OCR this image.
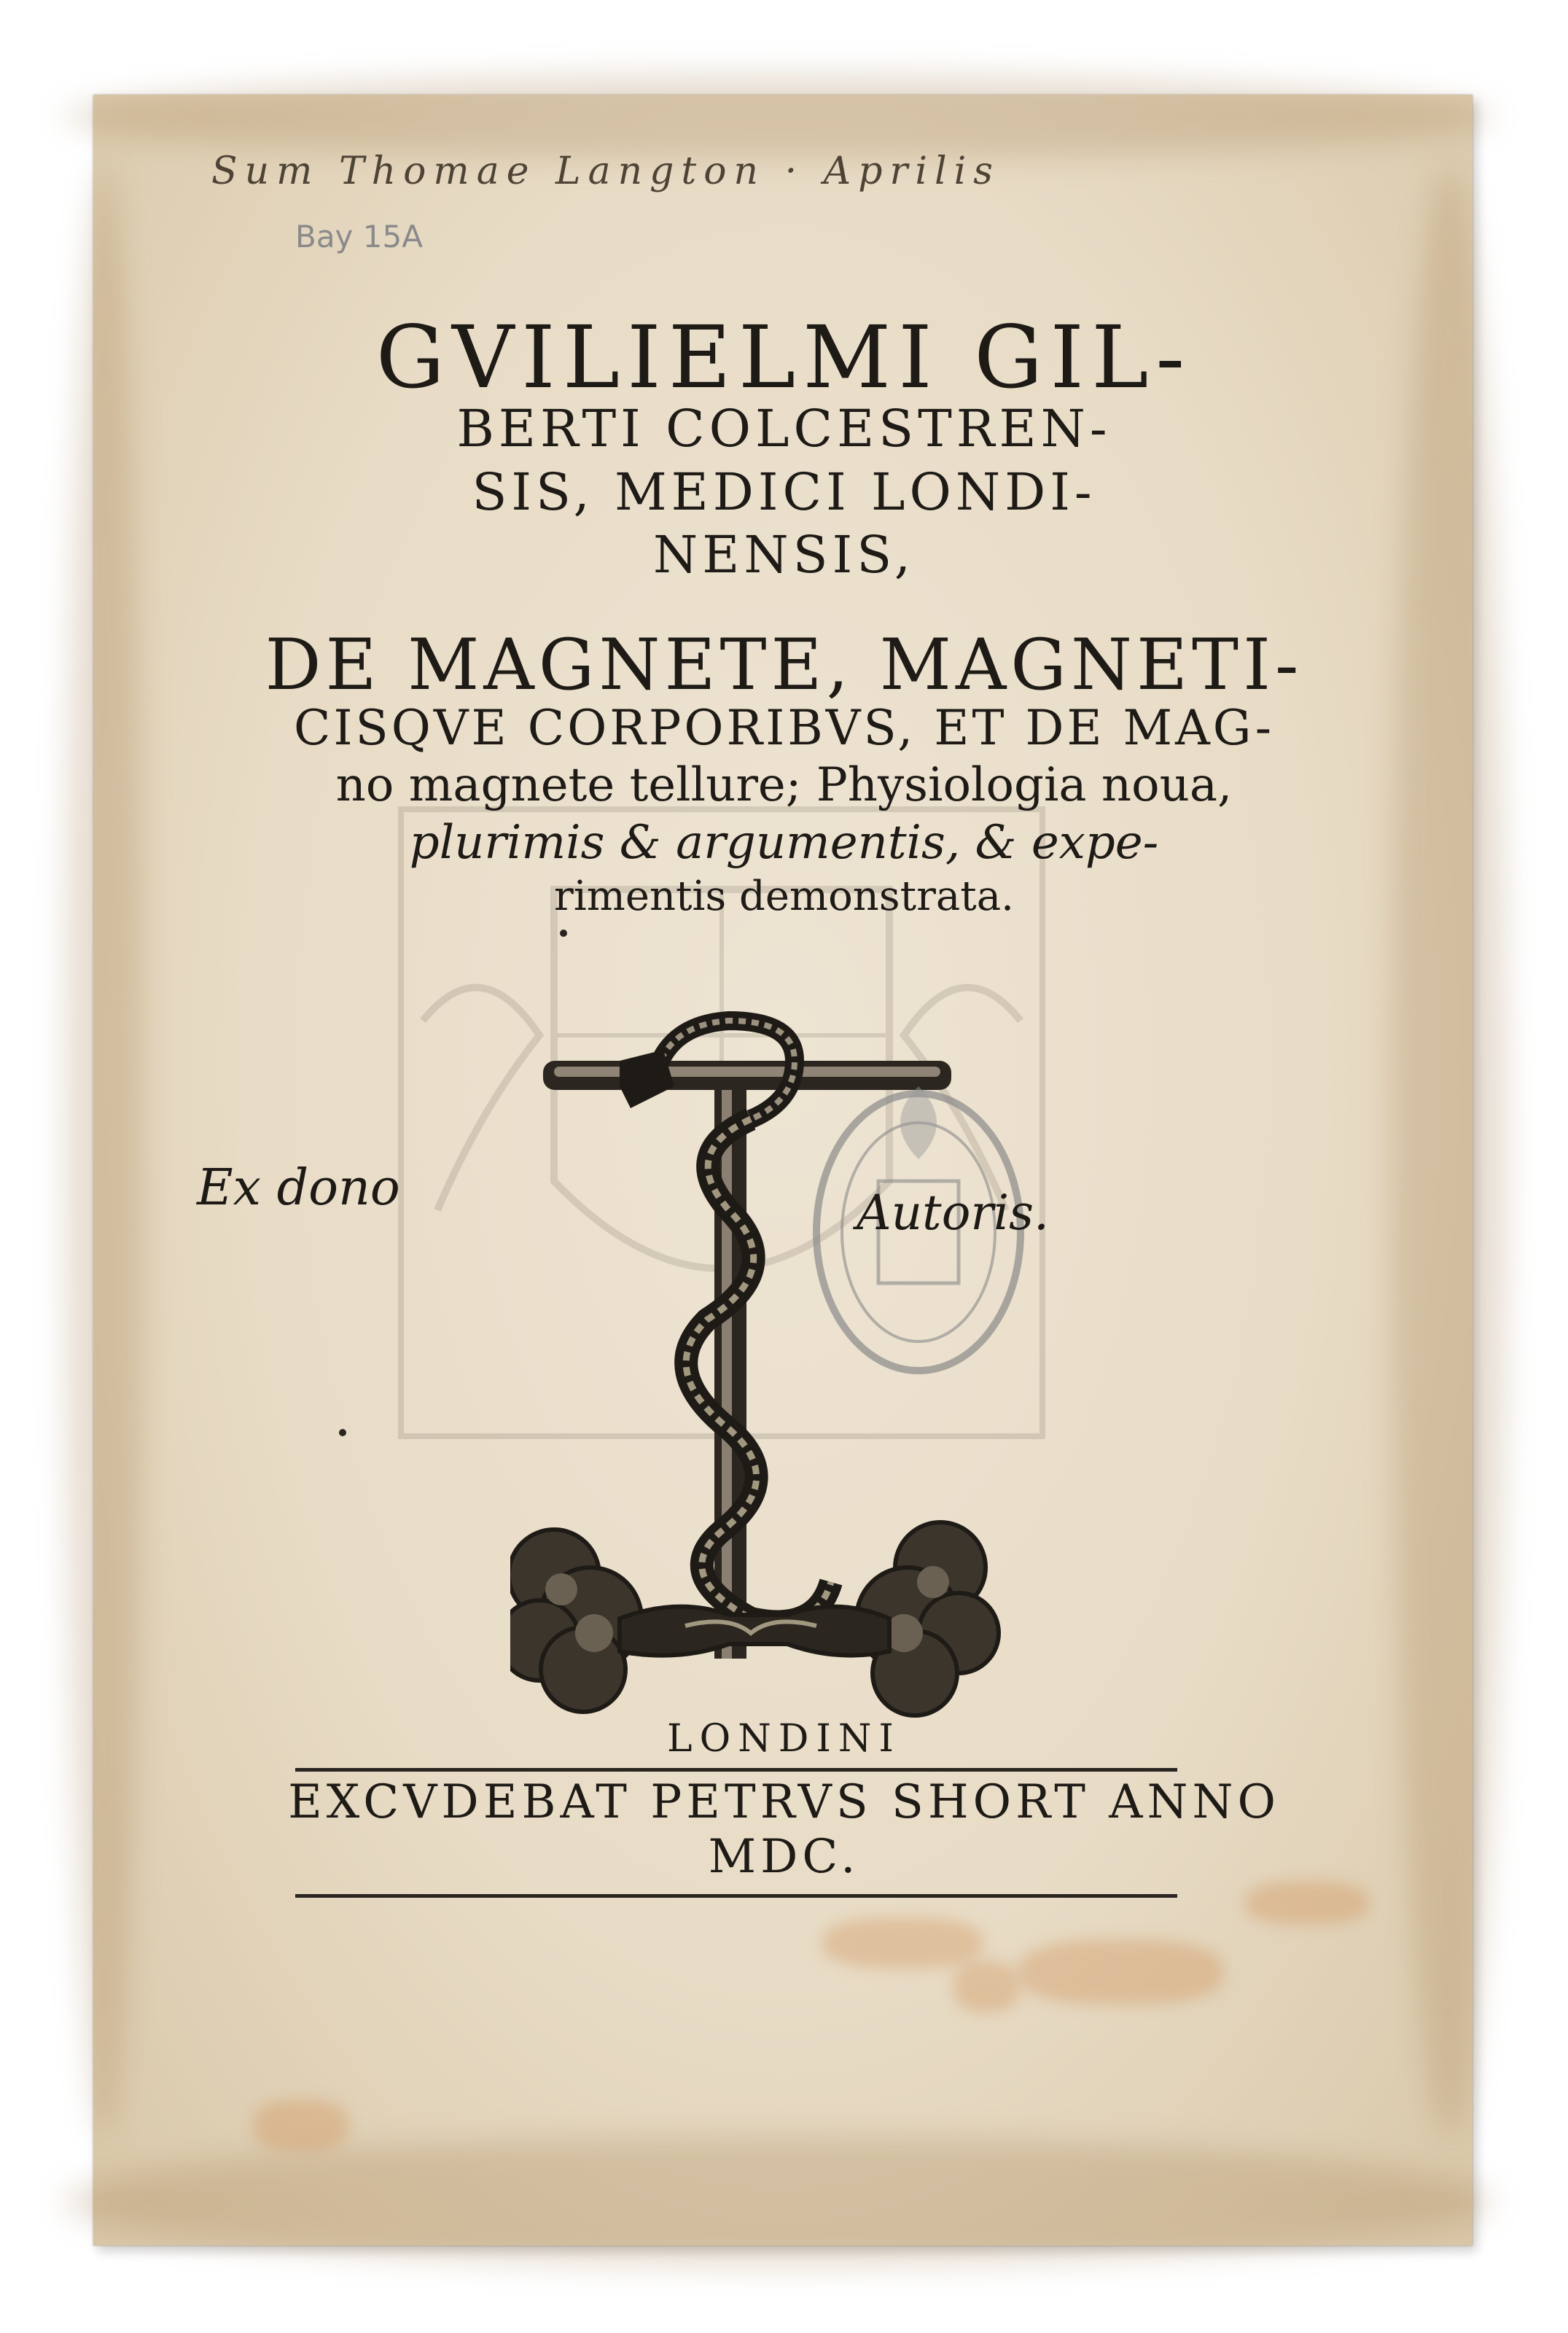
Sum Thomae Langton · Aprilis
Bay 15A
GVILIELMI GIL-
BERTI COLCESTREN-
SIS, MEDICI LONDI-
NENSIS,
DE MAGNETE, MAGNETI-
CISQVE CORPORIBVS, ET DE MAG-
no magnete tellure; Physiologia noua,
plurimis & argumentis, & expe-
rimentis demonstrata.
Ex dono	Autoris.
LONDINI
EXCVDEBAT PETRVS SHORT ANNO
MDC.
